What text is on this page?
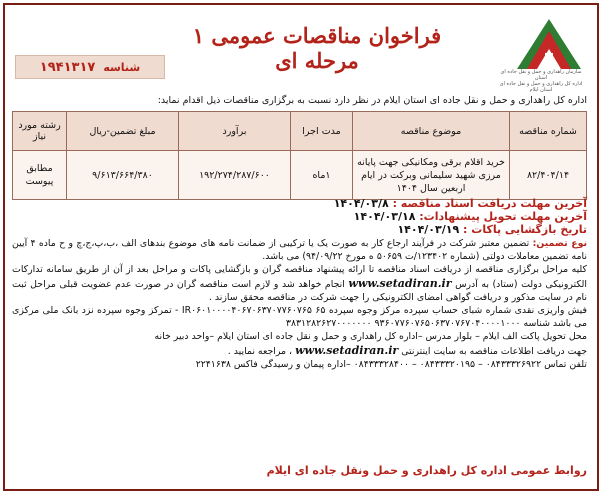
سازمان راهداری و حمل و نقل جاده ای استان
اداره کل راهداری و حمل و نقل جاده ای استان ایلام
فراخوان مناقصات عمومی ۱ مرحله ای
شناسه
۱۹۴۱۳۱۷
اداره کل راهداری و حمل و نقل جاده ای استان ایلام در نظر دارد نسبت به برگزاری مناقصات ذیل اقدام نماید:
شماره مناقصه	موضوع مناقصه	مدت اجرا	برآورد	مبلغ تضمین-ریال	رشته مورد نیاز
۸۲/۴۰۴/۱۴	خرید اقلام برقی ومکانیکی جهت پایانه مرزی شهید سلیمانی وبرکت در ایام اربعین سال ۱۴۰۴	۱ماه	۱۹۲/۲۷۴/۲۸۷/۶۰۰	۹/۶۱۳/۶۶۴/۳۸۰	مطابق پیوست
آخرین مهلت دریافت اسناد مناقصه : ۱۴۰۴/۰۳/۸
آخرین مهلت تحویل پیشنهادات: ۱۴۰۴/۰۳/۱۸
تاریخ بازگشایی پاکات : ۱۴۰۴/۰۳/۱۹

نوع تضمین: تضمین معتبر شرکت در فرآیند ارجاع کار به صورت یک یا ترکیبی از ضمانت نامه های موضوع بندهای الف ،ب،پ،ج،چ و ح ماده ۴ آیین نامه تضمین معاملات دولتی (شماره ۱۲۳۴۰۲/ت ۵۰۶۵۹ ه مورخ ۹۴/۰۹/۲۲) می باشد.

کلیه مراحل برگزاری مناقصه از دریافت اسناد مناقصه تا ارائه پیشنهاد مناقصه گران و بازگشایی پاکات و مراحل بعد از آن از طریق سامانه تدارکات الکترونیکی دولت (ستاد) به آدرس www.setadiran.ir انجام خواهد شد و لازم است مناقصه گران در صورت عدم عضویت قبلی مراحل ثبت نام در سایت مذکور و دریافت گواهی امضای الکترونیکی را جهت شرکت در مناقصه محقق سازند .

فیش واریزی نقدی شماره شبای حساب سپرده مرکز وجوه سپرده ۶۵ IR۰۶۰۱۰۰۰۰۴۰۶۷۰۶۳۷۰۷۷۶۰۷۶۵ - تمرکز وجوه سپرده نزد بانک ملی مرکزی می باشد شناسه ۹۳۶۰۷۷۶۰۷۶۵۰۶۳۷۰۷۶۷۰۴۰۰۰۰۱۰۰۰ ۳۸۳۱۲۸۲۶۲۷۰۰۰۰۰۰۰

محل تحویل پاکت الف ایلام – بلوار مدرس –اداره کل راهداری و حمل و نقل جاده ای استان ایلام –واحد دبیر خانه

جهت دریافت اطلاعات مناقصه به سایت اینترنتی www.setadiran.ir ، مراجعه نمایید .

تلفن تماس ۰۸۴۳۳۳۲۶۹۲۲ – ۰۸۴۳۳۳۲۰۱۹۵ – ۰۸۴۳۳۳۲۸۴۰۰ –اداره پیمان و رسیدگی فاکس ۲۲۴۱۶۳۸

روابط عمومی اداره کل راهداری و حمل ونقل جاده ای ایلام
